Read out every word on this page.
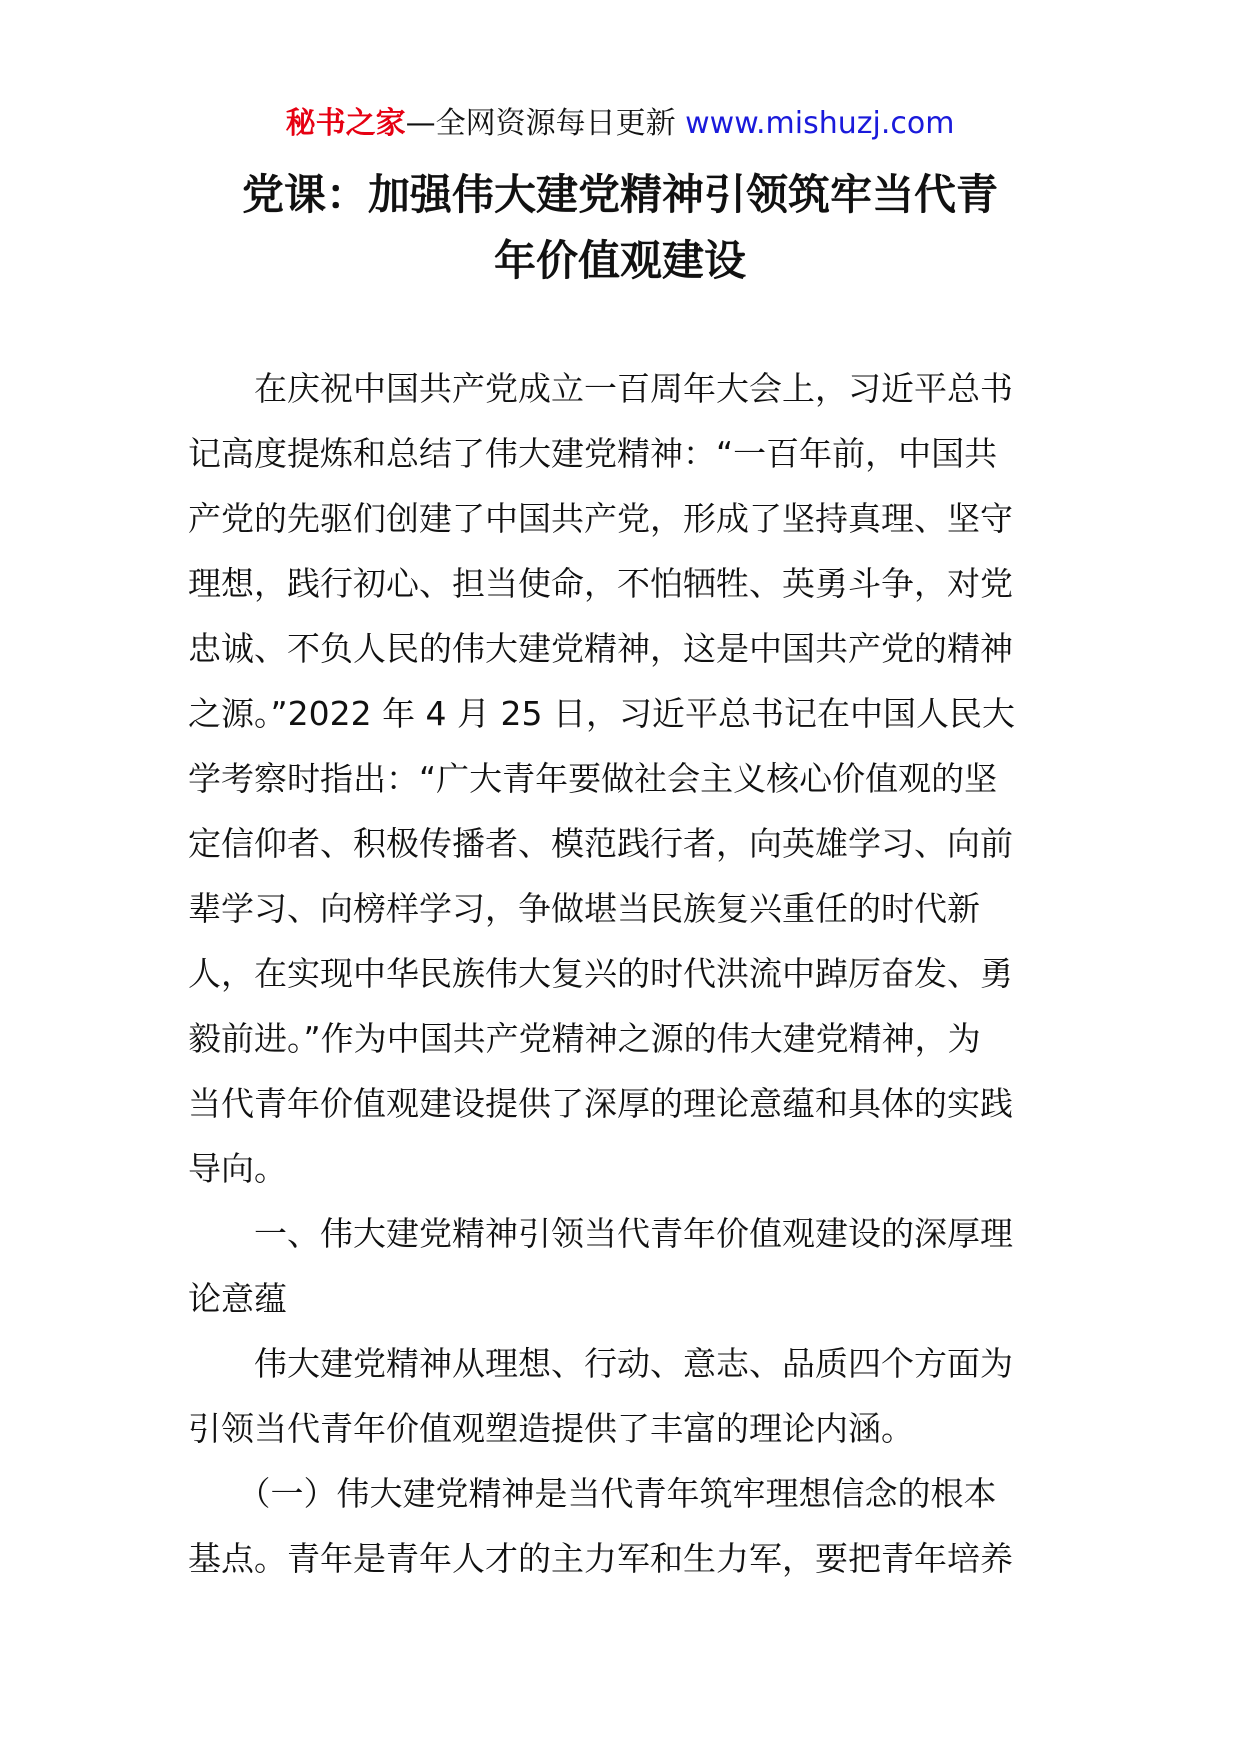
秘书之家—全网资源每日更新 www.mishuzj.com
党课：加强伟大建党精神引领筑牢当代青
年价值观建设
　　在庆祝中国共产党成立一百周年大会上，习近平总书
记高度提炼和总结了伟大建党精神：“一百年前，中国共
产党的先驱们创建了中国共产党，形成了坚持真理、坚守
理想，践行初心、担当使命，不怕牺牲、英勇斗争，对党
忠诚、不负人民的伟大建党精神，这是中国共产党的精神
之源。”2022 年 4 月 25 日，习近平总书记在中国人民大
学考察时指出：“广大青年要做社会主义核心价值观的坚
定信仰者、积极传播者、模范践行者，向英雄学习、向前
辈学习、向榜样学习，争做堪当民族复兴重任的时代新
人，在实现中华民族伟大复兴的时代洪流中踔厉奋发、勇
毅前进。”作为中国共产党精神之源的伟大建党精神，为
当代青年价值观建设提供了深厚的理论意蕴和具体的实践
导向。
　　一、伟大建党精神引领当代青年价值观建设的深厚理
论意蕴
　　伟大建党精神从理想、行动、意志、品质四个方面为
引领当代青年价值观塑造提供了丰富的理论内涵。
　　（一）伟大建党精神是当代青年筑牢理想信念的根本
基点。青年是青年人才的主力军和生力军，要把青年培养
